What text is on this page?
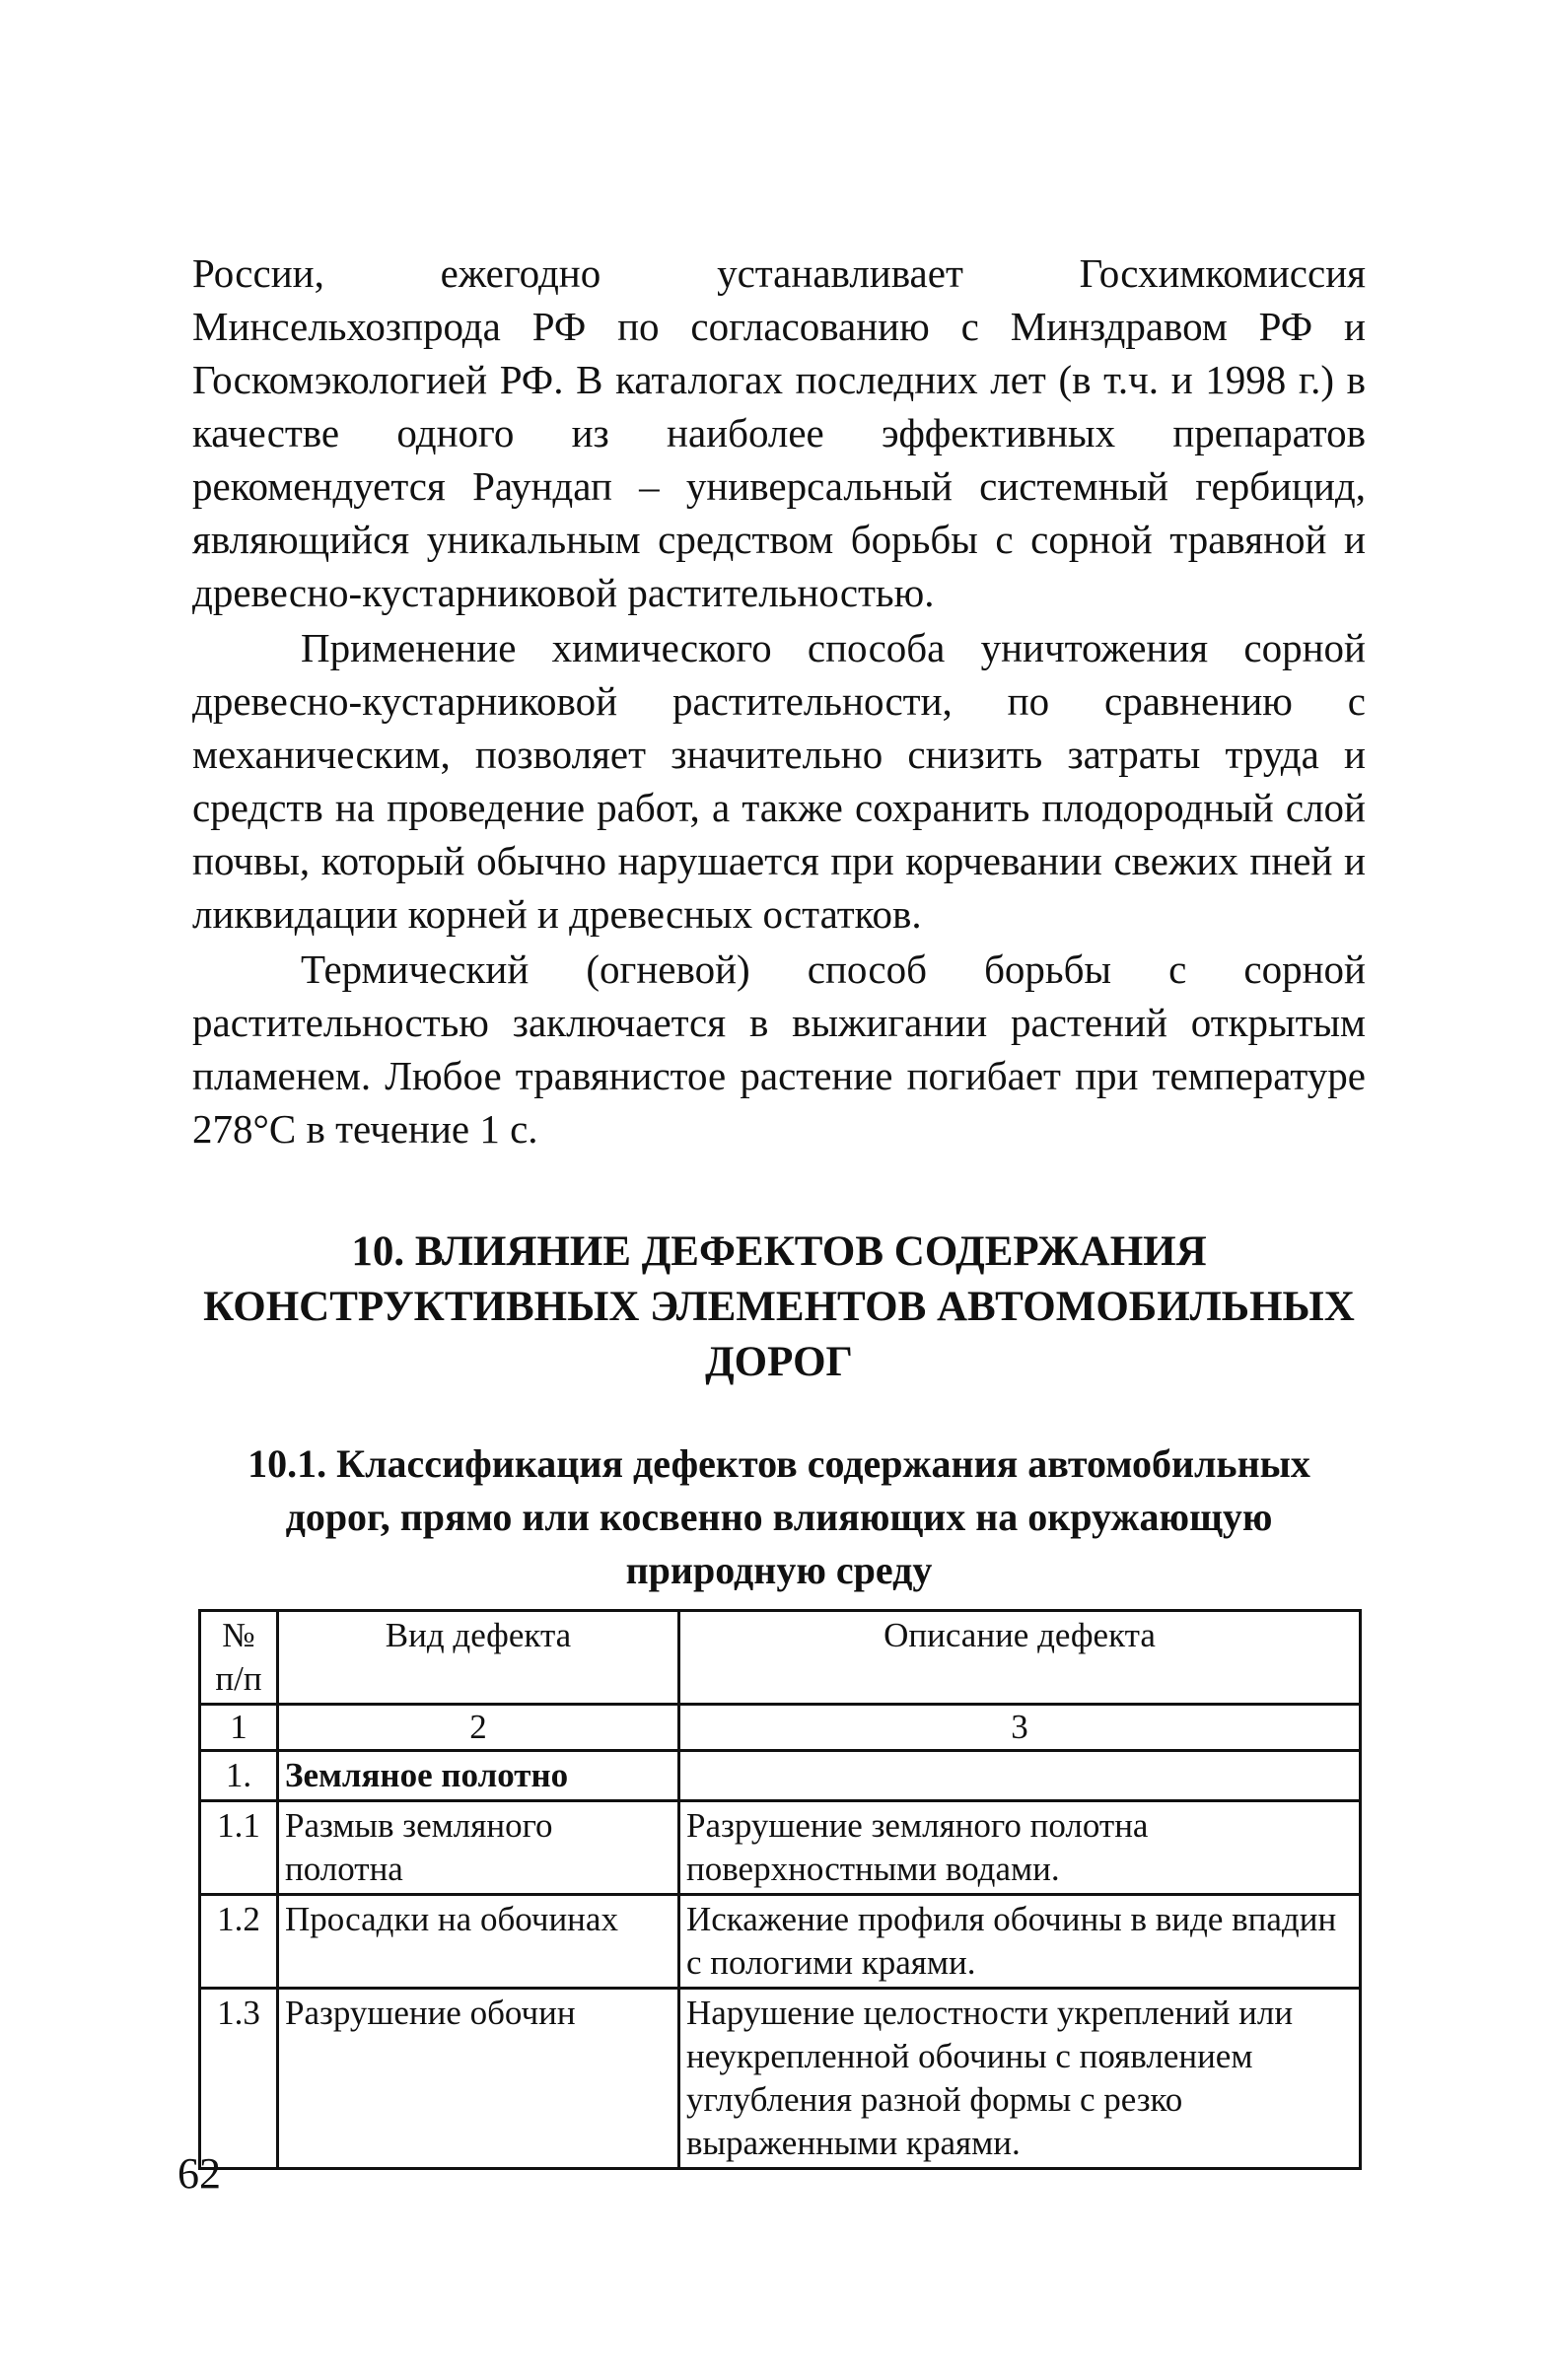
России, ежегодно устанавливает Госхимкомиссия Минсельхозпрода РФ по согласованию с Минздравом РФ и Госкомэкологией РФ. В каталогах последних лет (в т.ч. и 1998 г.) в качестве одного из наиболее эффективных препаратов рекомендуется Раундап – универсальный системный гербицид, являющийся уникальным средством борьбы с сорной травяной и древесно-кустарниковой растительностью.

Применение химического способа уничтожения сорной древесно-кустарниковой растительности, по сравнению с механическим, позволяет значительно снизить затраты труда и средств на проведение работ, а также сохранить плодородный слой почвы, который обычно нарушается при корчевании свежих пней и ликвидации корней и древесных остатков.

Термический (огневой) способ борьбы с сорной растительностью заключается в выжигании растений открытым пламенем. Любое травянистое растение погибает при температуре 278°С в течение 1 с.

10. ВЛИЯНИЕ ДЕФЕКТОВ СОДЕРЖАНИЯ КОНСТРУКТИВНЫХ ЭЛЕМЕНТОВ АВТОМОБИЛЬНЫХ ДОРОГ
10.1. Классификация дефектов содержания автомобильных дорог, прямо или косвенно влияющих на окружающую природную среду
№ п/п	Вид дефекта	Описание дефекта
1	2	3
1.	Земляное полотно	
1.1	Размыв земляного полотна	Разрушение земляного полотна поверхностными водами.
1.2	Просадки на обочинах	Искажение профиля обочины в виде впадин с пологими краями.
1.3	Разрушение обочин	Нарушение целостности укреплений или неукрепленной обочины с появлением углубления разной формы с резко выраженными краями.
62
